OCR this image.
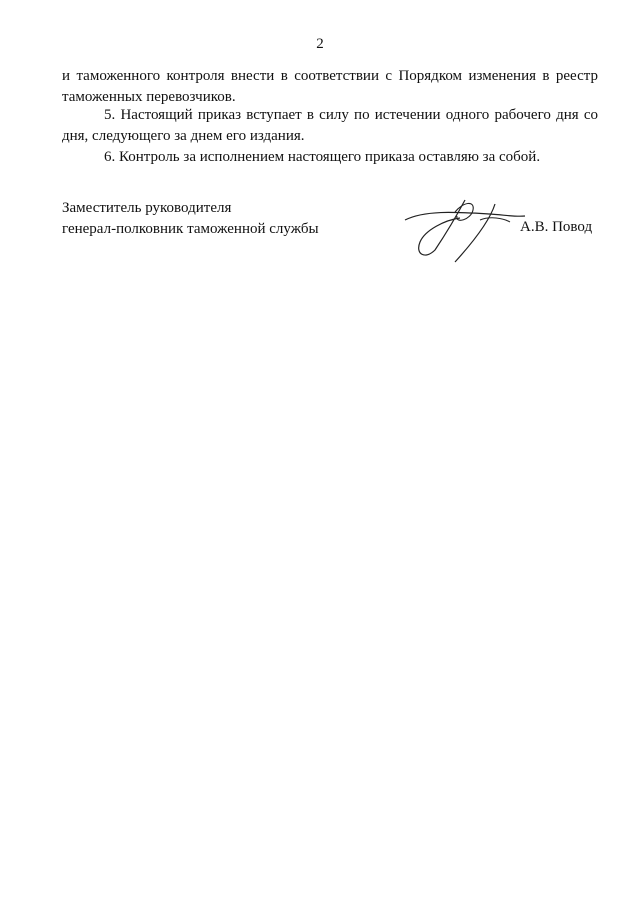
2
и таможенного контроля внести в соответствии с Порядком изменения в реестр таможенных перевозчиков.
5. Настоящий приказ вступает в силу по истечении одного рабочего дня со дня, следующего за днем его издания.
6. Контроль за исполнением настоящего приказа оставляю за собой.
Заместитель руководителя
генерал-полковник таможенной службы	А.В. Повод
